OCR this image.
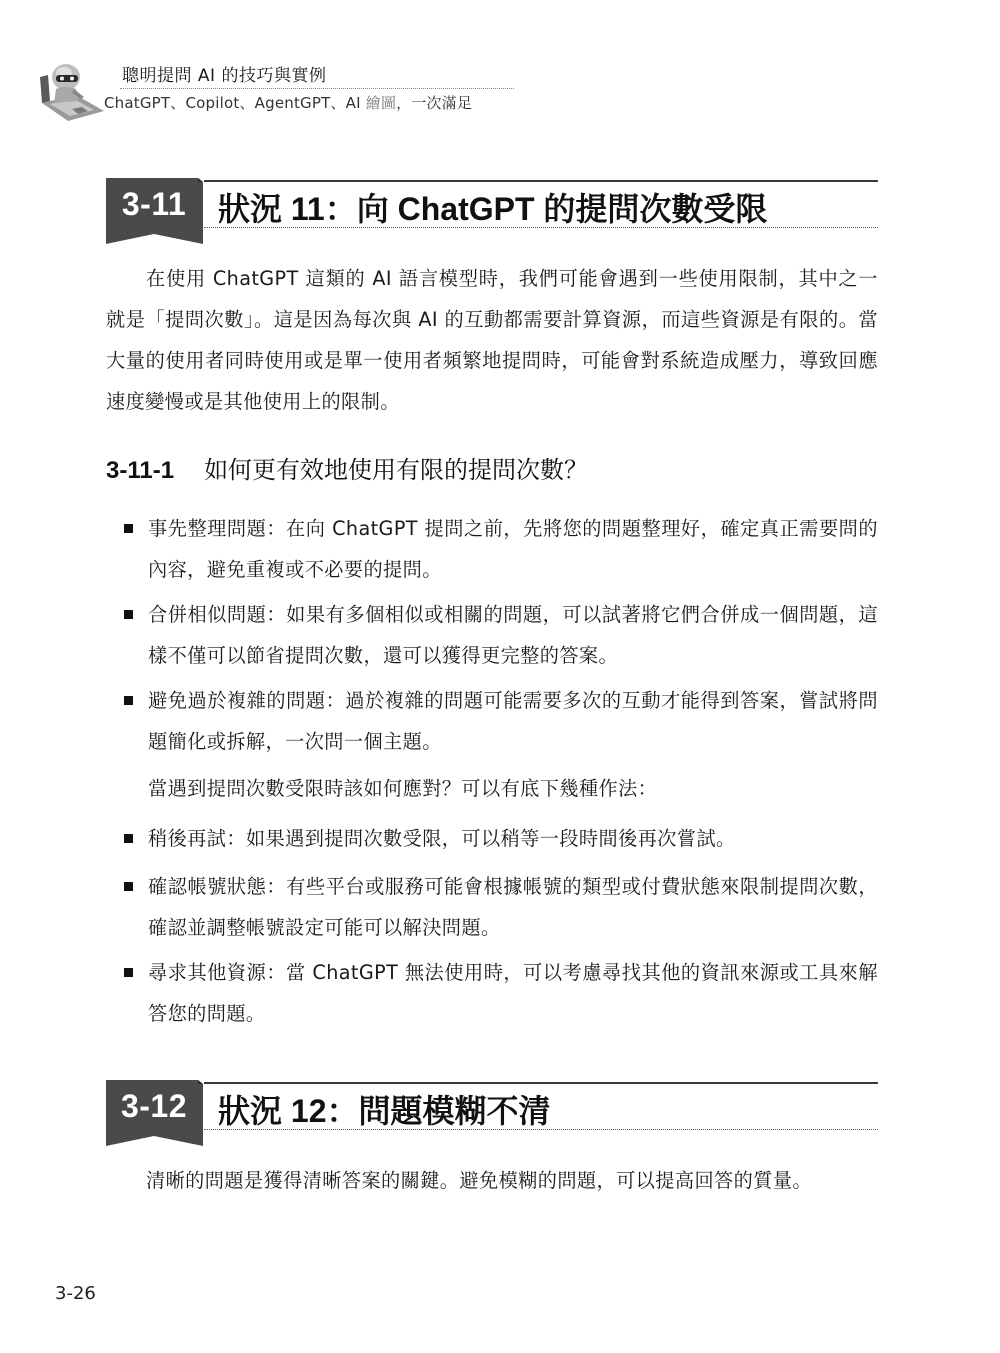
聰明提問 AI 的技巧與實例
ChatGPT、Copilot、AgentGPT、AI 繪圖，一次滿足
3-11 狀況 11：向 ChatGPT 的提問次數受限
在使用 ChatGPT 這類的 AI 語言模型時，我們可能會遇到一些使用限制，其中之一就是「提問次數」。這是因為每次與 AI 的互動都需要計算資源，而這些資源是有限的。當大量的使用者同時使用或是單一使用者頻繁地提問時，可能會對系統造成壓力，導致回應速度變慢或是其他使用上的限制。
3-11-1 如何更有效地使用有限的提問次數？
事先整理問題：在向 ChatGPT 提問之前，先將您的問題整理好，確定真正需要問的內容，避免重複或不必要的提問。
合併相似問題：如果有多個相似或相關的問題，可以試著將它們合併成一個問題，這樣不僅可以節省提問次數，還可以獲得更完整的答案。
避免過於複雜的問題：過於複雜的問題可能需要多次的互動才能得到答案，嘗試將問題簡化或拆解，一次問一個主題。
當遇到提問次數受限時該如何應對？可以有底下幾種作法：
稍後再試：如果遇到提問次數受限，可以稍等一段時間後再次嘗試。
確認帳號狀態：有些平台或服務可能會根據帳號的類型或付費狀態來限制提問次數，確認並調整帳號設定可能可以解決問題。
尋求其他資源：當 ChatGPT 無法使用時，可以考慮尋找其他的資訊來源或工具來解答您的問題。
3-12 狀況 12：問題模糊不清
清晰的問題是獲得清晰答案的關鍵。避免模糊的問題，可以提高回答的質量。
3-26
